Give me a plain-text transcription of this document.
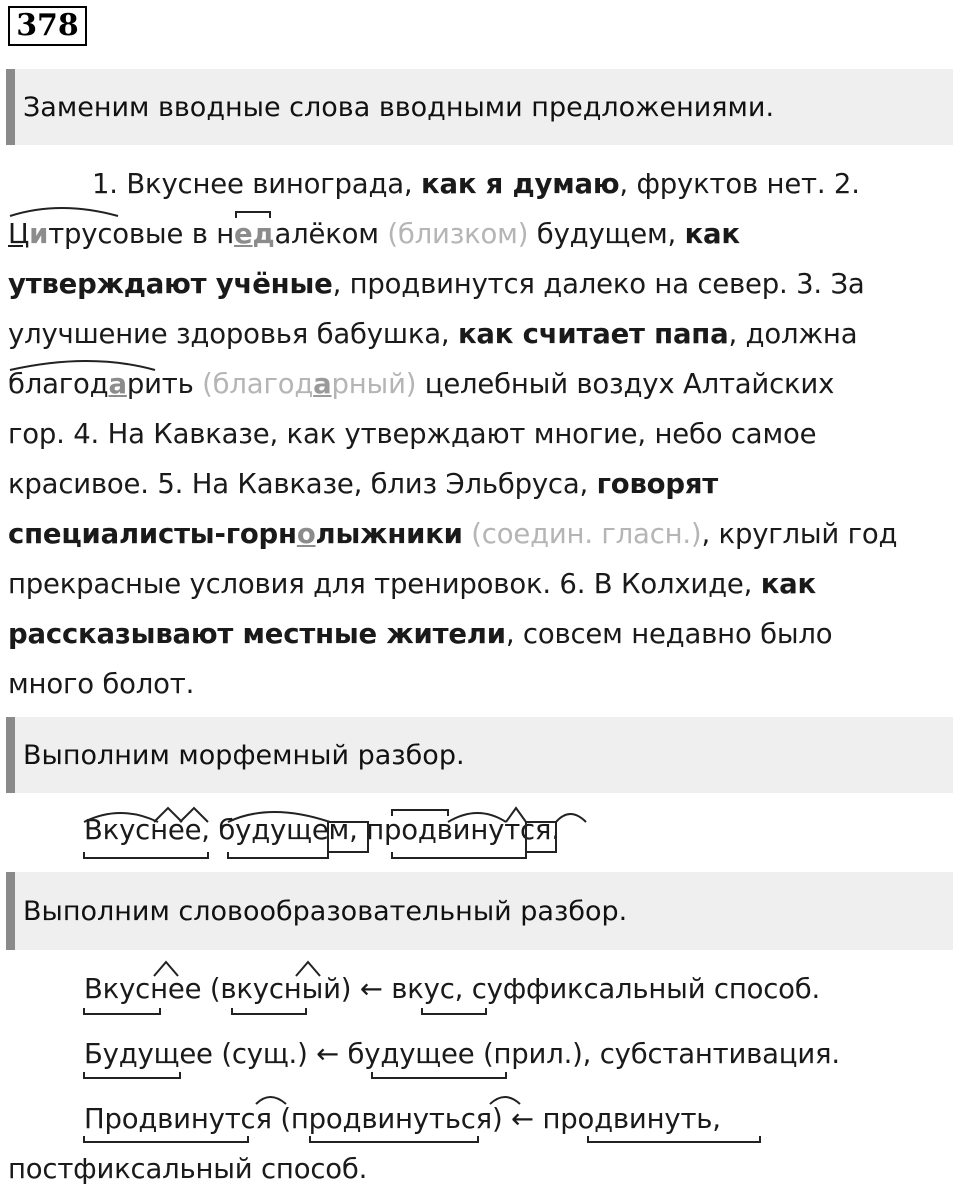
378
Заменим вводные слова вводными предложениями.
1. Вкуснее винограда, как я думаю, фруктов нет. 2.
Цитрусовые в недалёком (близком) будущем, как
утверждают учёные, продвинутся далеко на север. 3. За
улучшение здоровья бабушка, как считает папа, должна
благодарить (благодарный) целебный воздух Алтайских
гор. 4. На Кавказе, как утверждают многие, небо самое
красивое. 5. На Кавказе, близ Эльбруса, говорят
специалисты-горнолыжники (соедин. гласн.), круглый год
прекрасные условия для тренировок. 6. В Колхиде, как
рассказывают местные жители, совсем недавно было
много болот.
Выполним морфемный разбор.
Вкуснее, будущем, продвинутся.
Выполним словообразовательный разбор.
Вкуснее (вкусный) ← вкус, суффиксальный способ.
Будущее (сущ.) ← будущее (прил.), субстантивация.
Продвинутся (продвинуться) ← продвинуть,
постфиксальный способ.
